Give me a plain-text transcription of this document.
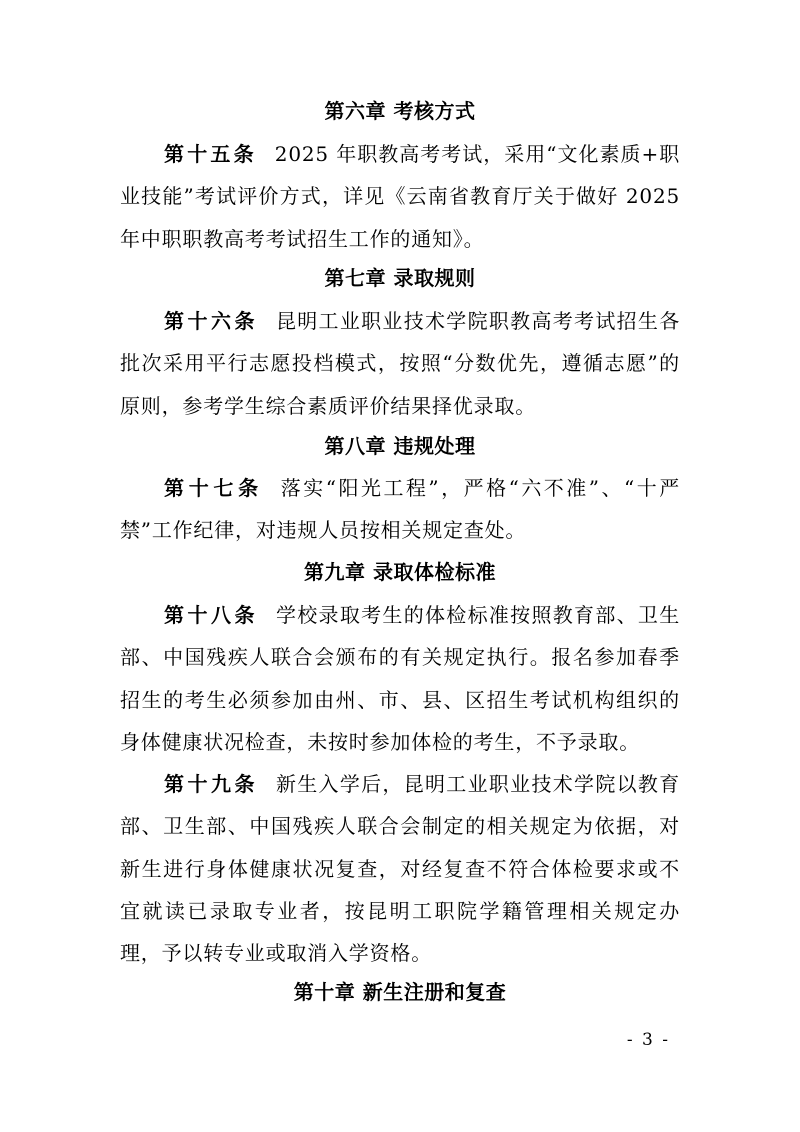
第六章 考核方式
第十五条 2025 年职教高考考试，采用“文化素质+职业技能”考试评价方式，详见《云南省教育厅关于做好 2025 年中职职教高考考试招生工作的通知》。
第七章 录取规则
第十六条 昆明工业职业技术学院职教高考考试招生各批次采用平行志愿投档模式，按照“分数优先，遵循志愿”的原则，参考学生综合素质评价结果择优录取。
第八章 违规处理
第十七条 落实“阳光工程”，严格“六不准”、“十严禁”工作纪律，对违规人员按相关规定查处。
第九章 录取体检标准
第十八条 学校录取考生的体检标准按照教育部、卫生部、中国残疾人联合会颁布的有关规定执行。报名参加春季招生的考生必须参加由州、市、县、区招生考试机构组织的身体健康状况检查，未按时参加体检的考生，不予录取。
第十九条 新生入学后，昆明工业职业技术学院以教育部、卫生部、中国残疾人联合会制定的相关规定为依据，对新生进行身体健康状况复查，对经复查不符合体检要求或不宜就读已录取专业者，按昆明工职院学籍管理相关规定办理，予以转专业或取消入学资格。
第十章 新生注册和复查
- 3 -
